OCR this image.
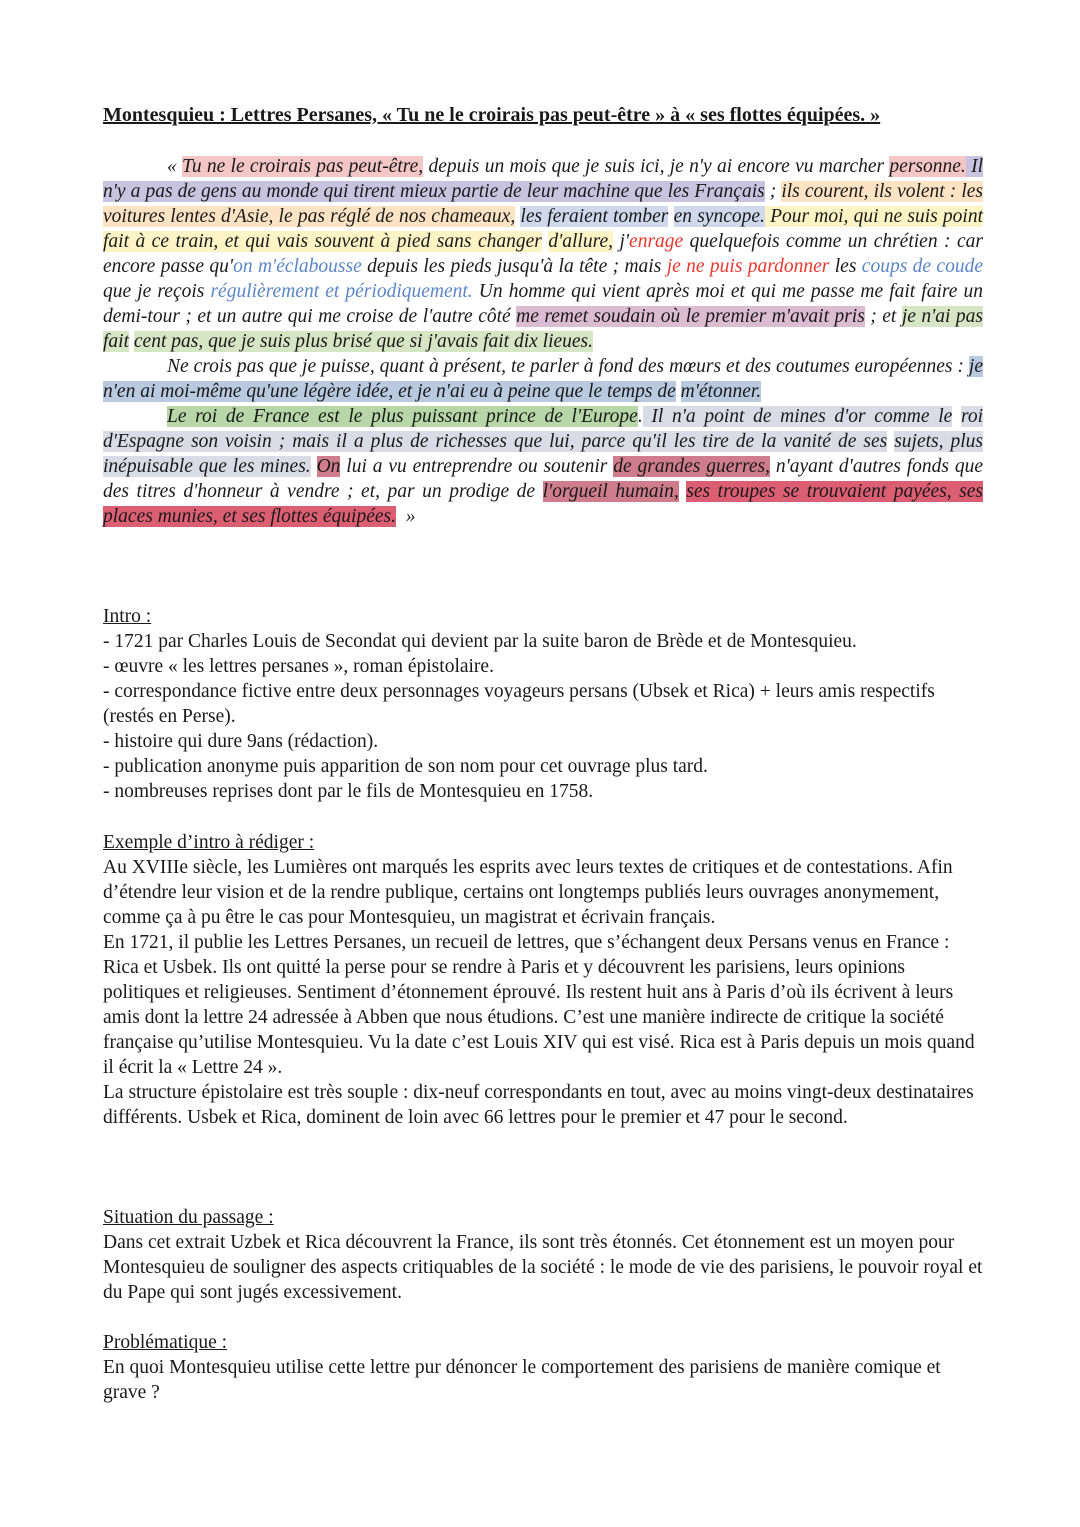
Montesquieu : Lettres Persanes, « Tu ne le croirais pas peut-être » à « ses flottes équipées. »

« Tu ne le croirais pas peut-être, depuis un mois que je suis ici, je n'y ai encore vu marcher personne. Il n'y a pas de gens au monde qui tirent mieux partie de leur machine que les Français ; ils courent, ils volent : les voitures lentes d'Asie, le pas réglé de nos chameaux, les feraient tomber en syncope. Pour moi, qui ne suis point fait à ce train, et qui vais souvent à pied sans changer d'allure, j'enrage quelquefois comme un chrétien : car encore passe qu'on m'éclabousse depuis les pieds jusqu'à la tête ; mais je ne puis pardonner les coups de coude que je reçois régulièrement et périodiquement. Un homme qui vient après moi et qui me passe me fait faire un demi-tour ; et un autre qui me croise de l'autre côté me remet soudain où le premier m'avait pris ; et je n'ai pas fait cent pas, que je suis plus brisé que si j'avais fait dix lieues.

Ne crois pas que je puisse, quant à présent, te parler à fond des mœurs et des coutumes européennes : je n'en ai moi-même qu'une légère idée, et je n'ai eu à peine que le temps de m'étonner.

Le roi de France est le plus puissant prince de l'Europe. Il n'a point de mines d'or comme le roi d'Espagne son voisin ; mais il a plus de richesses que lui, parce qu'il les tire de la vanité de ses sujets, plus inépuisable que les mines. On lui a vu entreprendre ou soutenir de grandes guerres, n'ayant d'autres fonds que des titres d'honneur à vendre ; et, par un prodige de l'orgueil humain, ses troupes se trouvaient payées, ses places munies, et ses flottes équipées.  »

Intro :

- 1721 par Charles Louis de Secondat qui devient par la suite baron de Brède et de Montesquieu.
- œuvre « les lettres persanes », roman épistolaire.
- correspondance fictive entre deux personnages voyageurs persans (Ubsek et Rica) + leurs amis respectifs (restés en Perse).
- histoire qui dure 9ans (rédaction).
- publication anonyme puis apparition de son nom pour cet ouvrage plus tard.
- nombreuses reprises dont par le fils de Montesquieu en 1758.

Exemple d’intro à rédiger :

Au XVIIIe siècle, les Lumières ont marqués les esprits avec leurs textes de critiques et de contestations. Afin d’étendre leur vision et de la rendre publique, certains ont longtemps publiés leurs ouvrages anonymement, comme ça à pu être le cas pour Montesquieu, un magistrat et écrivain français.

En 1721, il publie les Lettres Persanes, un recueil de lettres, que s’échangent deux Persans venus en France : Rica et Usbek. Ils ont quitté la perse pour se rendre à Paris et y découvrent les parisiens, leurs opinions politiques et religieuses. Sentiment d’étonnement éprouvé. Ils restent huit ans à Paris d’où ils écrivent à leurs amis dont la lettre 24 adressée à Abben que nous étudions. C’est une manière indirecte de critique la société française qu’utilise Montesquieu. Vu la date c’est Louis XIV qui est visé. Rica est à Paris depuis un mois quand il écrit la « Lettre 24 ».

La structure épistolaire est très souple : dix-neuf correspondants en tout, avec au moins vingt-deux destinataires différents. Usbek et Rica, dominent de loin avec 66 lettres pour le premier et 47 pour le second.

Situation du passage :

Dans cet extrait Uzbek et Rica découvrent la France, ils sont très étonnés. Cet étonnement est un moyen pour Montesquieu de souligner des aspects critiquables de la société : le mode de vie des parisiens, le pouvoir royal et du Pape qui sont jugés excessivement.

Problématique :

En quoi Montesquieu utilise cette lettre pur dénoncer le comportement des parisiens de manière comique et grave ?
